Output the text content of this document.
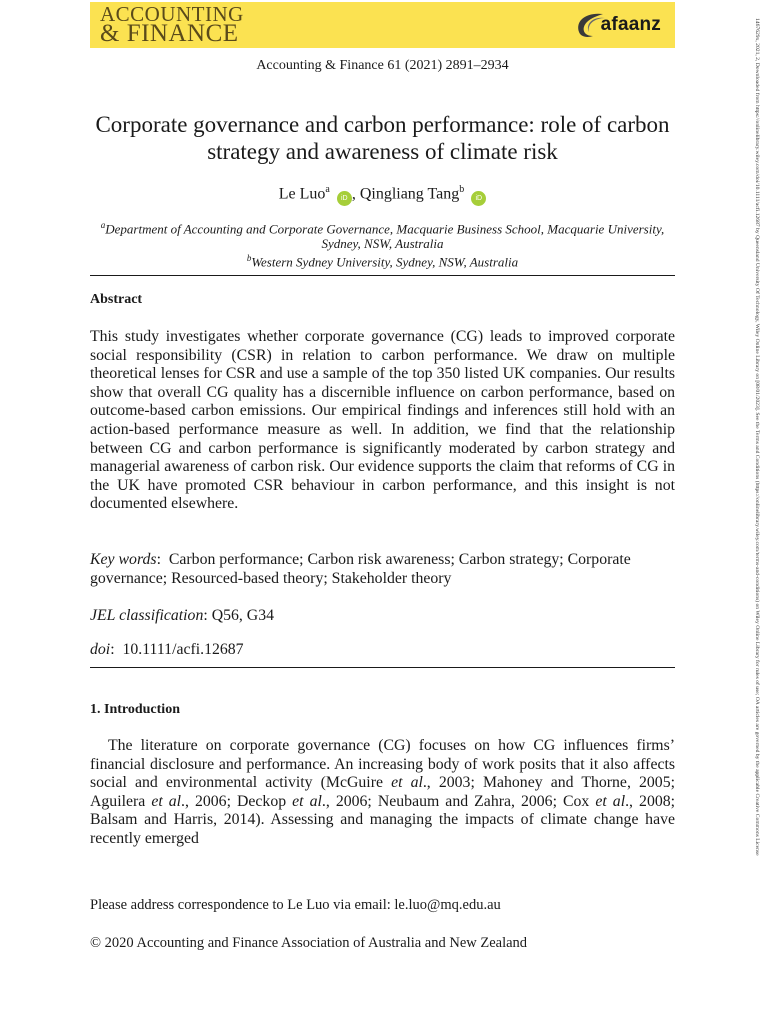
ACCOUNTING
& FINANCE	afaanz
Accounting & Finance 61 (2021) 2891–2934
Corporate governance and carbon performance: role of carbon strategy and awareness of climate risk
Le Luo$^a$ iD , Qingliang Tang$^b$ iD
$^a$Department of Accounting and Corporate Governance, Macquarie Business School, Macquarie University, Sydney, NSW, Australia
$^b$Western Sydney University, Sydney, NSW, Australia
Abstract
This study investigates whether corporate governance (CG) leads to improved corporate social responsibility (CSR) in relation to carbon performance. We draw on multiple theoretical lenses for CSR and use a sample of the top 350 listed UK companies. Our results show that overall CG quality has a discernible influence on carbon performance, based on outcome-based carbon emissions. Our empirical findings and inferences still hold with an action-based performance measure as well. In addition, we find that the relationship between CG and carbon performance is significantly moderated by carbon strategy and managerial awareness of carbon risk. Our evidence supports the claim that reforms of CG in the UK have promoted CSR behaviour in carbon performance, and this insight is not documented elsewhere.
Key words:  Carbon performance; Carbon risk awareness; Carbon strategy; Corporate governance; Resourced-based theory; Stakeholder theory
JEL classification: Q56, G34
doi:  10.1111/acfi.12687
1. Introduction
The literature on corporate governance (CG) focuses on how CG influences firms’ financial disclosure and performance. An increasing body of work posits that it also affects social and environmental activity (McGuire et al., 2003; Mahoney and Thorne, 2005; Aguilera et al., 2006; Deckop et al., 2006; Neubaum and Zahra, 2006; Cox et al., 2008; Balsam and Harris, 2014). Assessing and managing the impacts of climate change have recently emerged
Please address correspondence to Le Luo via email: le.luo@mq.edu.au
© 2020 Accounting and Finance Association of Australia and New Zealand
1467629x, 2021, 2, Downloaded from https://onlinelibrary.wiley.com/doi/10.1111/acfi.12687 by Queensland University Of Technology, Wiley Online Library on [08/01/2023]. See the Terms and Conditions (https://onlinelibrary.wiley.com/terms-and-conditions) on Wiley Online Library for rules of use; OA articles are governed by the applicable Creative Commons License
